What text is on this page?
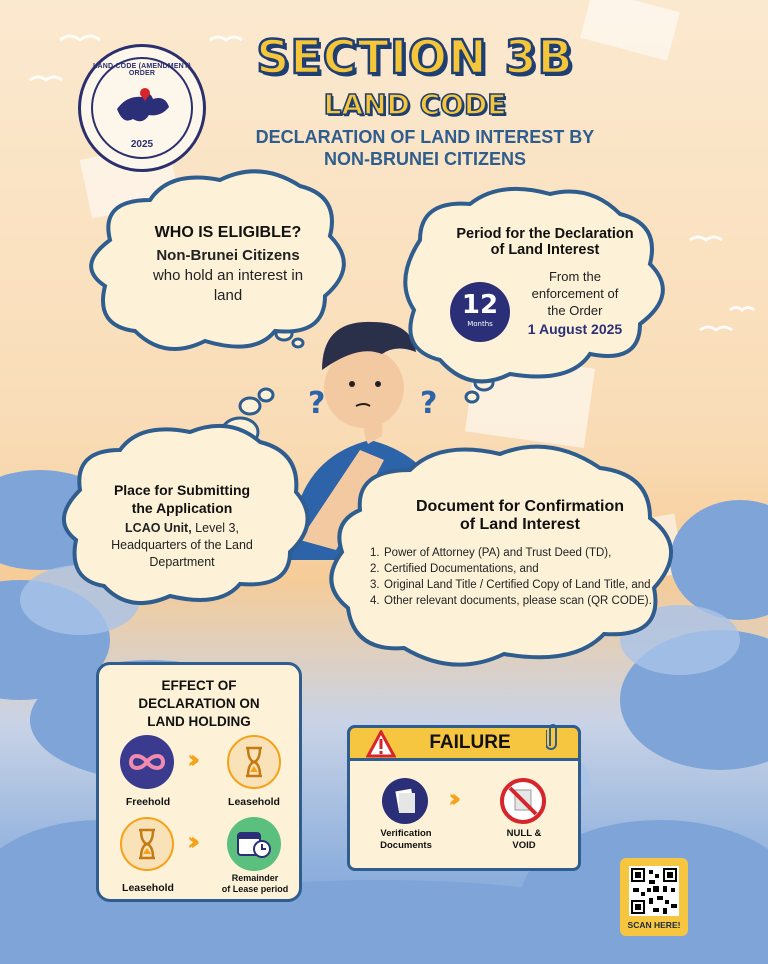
?	?
LAND CODE (AMENDMENT) ORDER
2025
SECTION 3B
LAND CODE
DECLARATION OF LAND INTEREST BY
NON-BRUNEI CITIZENS
WHO IS ELIGIBLE?
Non-Brunei Citizens
who hold an interest in
land
Period for the Declaration
of Land Interest
12
Months
From the
enforcement of
the Order
1 August 2025
Place for Submitting
the Application
LCAO Unit, Level 3,
Headquarters of the Land
Department
Document for Confirmation
of Land Interest
1. Power of Attorney (PA) and Trust Deed (TD),
2. Certified Documentations, and
3. Original Land Title / Certified Copy of Land Title, and
4. Other relevant documents, please scan (QR CODE).
EFFECT OF
DECLARATION ON
LAND HOLDING
››
Freehold	Leasehold
››
Leasehold
Remainder
of Lease period
FAILURE
››
Verification
Documents
NULL &
VOID
SCAN HERE!
